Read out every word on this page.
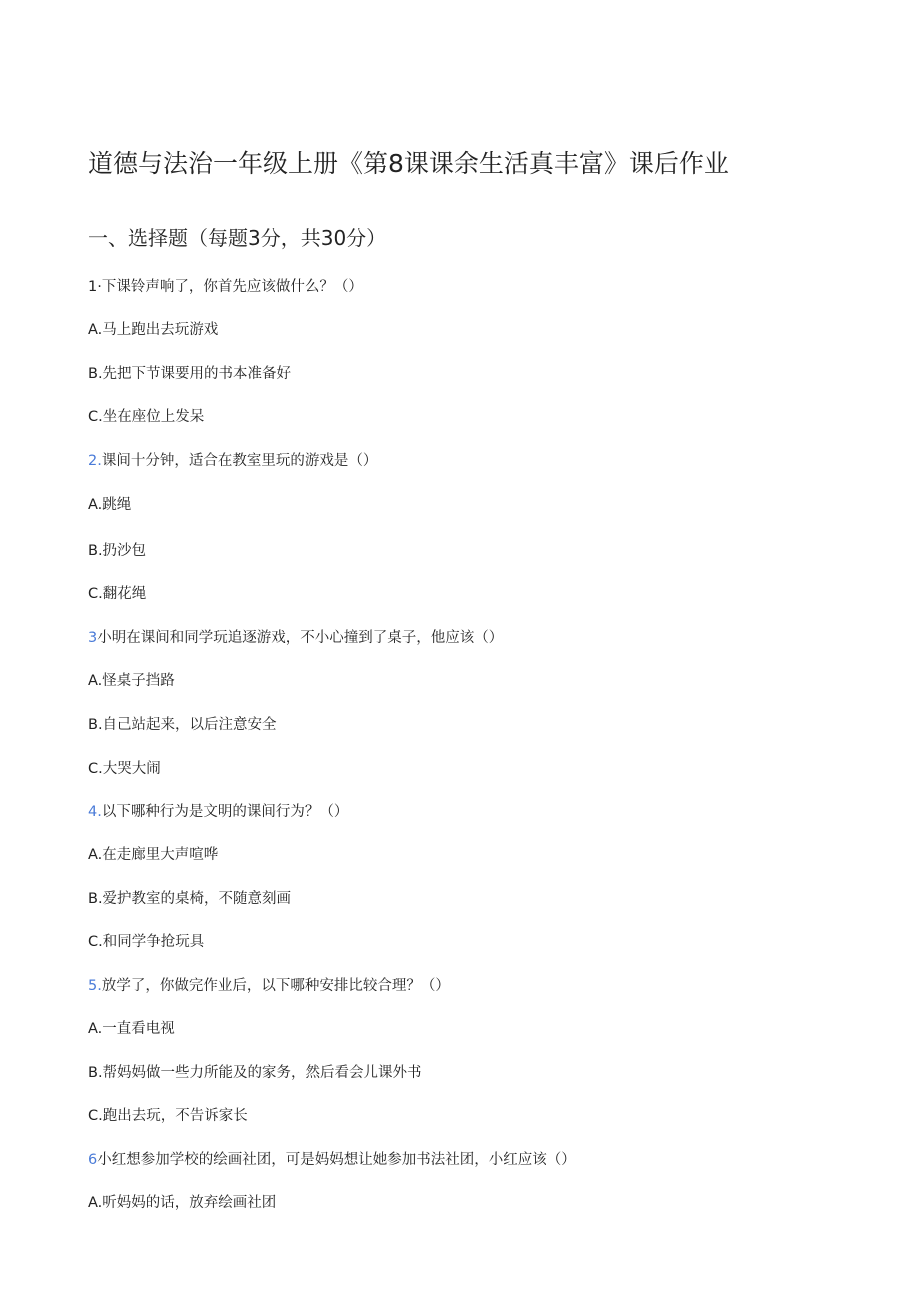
道德与法治一年级上册《第8课课余生活真丰富》课后作业
一、选择题（每题3分，共30分）

1·下课铃声响了，你首先应该做什么？（）

A.马上跑出去玩游戏

B.先把下节课要用的书本准备好

C.坐在座位上发呆

2.课间十分钟，适合在教室里玩的游戏是（）

A.跳绳

B.扔沙包

C.翻花绳

3小明在课间和同学玩追逐游戏，不小心撞到了桌子，他应该（）

A.怪桌子挡路

B.自己站起来，以后注意安全

C.大哭大闹

4.以下哪种行为是文明的课间行为？（）

A.在走廊里大声喧哗

B.爱护教室的桌椅，不随意刻画

C.和同学争抢玩具

5.放学了，你做完作业后，以下哪种安排比较合理？（）

A.一直看电视

B.帮妈妈做一些力所能及的家务，然后看会儿课外书

C.跑出去玩，不告诉家长

6小红想参加学校的绘画社团，可是妈妈想让她参加书法社团，小红应该（）

A.听妈妈的话，放弃绘画社团
